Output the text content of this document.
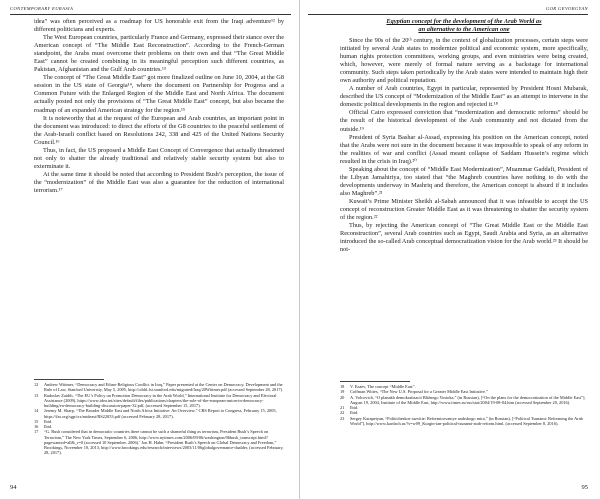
CONTEMPORARY EURASIA

idea” was often perceived as a roadmap for US honorable exit from the Iraqi adventure¹² by different politicians and experts.

The West European countries, particularly France and Germany, expressed their stance over the American concept of “The Middle East Reconstruction”. According to the French-German standpoint, the Arabs must overcome their problems on their own and that “The Great Middle East” cannot be created combining in its meaningful perception such different countries, as Pakistan, Afghanistan and the Gulf Arab countries.¹³

The concept of “The Great Middle East” got more finalized outline on June 10, 2004, at the G8 session in the US state of Georgia¹⁴, where the document on Partnership for Progress and a Common Future with the Enlarged Region of the Middle East and North Africa. The document actually posted not only the provisions of “The Great Middle East” concept, but also became the roadmap of an expanded American strategy for the region.¹⁵

It is noteworthy that at the request of the European and Arab countries, an important point in the document was introduced: to direct the efforts of the G8 countries to the peaceful settlement of the Arab-Israeli conflict based on Resolutions 242, 338 and 425 of the United Nations Security Council.¹⁶

Thus, in fact, the US proposed a Middle East Concept of Convergence that actually threatened not only to shatter the already traditional and relatively stable security system but also to exterminate it.

At the same time it should be noted that according to President Bush’s perception, the issue of the “modernization” of the Middle East was also a guarantee for the reduction of international terrorism.¹⁷

12	Andrew Wittmer, “Democracy and Ethno-Religious Conflict in Iraq,” Paper presented at the Center on Democracy, Development and the Rule of Law, Stanford University, May 5, 2005, http://cddrl.fsi.stanford.edu/migrated/Iraq/20Wittmer.pdf (accessed September 28, 2017).
13	Radoslav Zaidih, “The EU’s Policy on Promotion Democracy in the Arab World,” International Institute for Democracy and Electoral Assistance (2009), https://www.idea.int/sites/default/files/publications/chapters/the-role-of-the-european-union-in-democracy-building/eu-democracy-building-discussion-paper-32.pdf, (accessed September 15, 2017).
14	Jeremy M. Sharp, “The Broader Middle East and North Africa Initiative: An Overview,” CRS Report to Congress, February 15, 2005, https://fas.org/sgp/crs/mideast/RS22053.pdf (accessed February 28, 2017).
15	Ibid.
16	Ibid.
17	“G. Bush considered that in democratic countries there cannot be such a shameful thing as terrorism, President Bush’s Speech on Terrorism,” The New York Times, September 6, 2006, http://www.nytimes.com/2006/09/06/washington/06bush_transcript.html?pagewanted=all&_r=0 (accessed 10 September, 2006).’ Jon H. Hahn, “President Bush’s Speech on Global Democracy and Freedom,” Brookings, November 10, 2013, http://www.brookings.edu/research/interviews/2003/11/06globalgovernance-daalder, (accessed February, 28, 2017).
94
GOR GEVORGYAN
Egyptian concept for the development of the Arab World as
an alternative to the American one

Since the 90s of the 20ᵗʰ century, in the context of globalization processes, certain steps were initiated by several Arab states to modernize political and economic system, more specifically, human rights protection committees, working groups, and even ministries were being created, which, however, were merely of formal nature serving as a backstage for international community. Such steps taken periodically by the Arab states were intended to maintain high their own authority and political reputation.

A number of Arab countries, Egypt in particular, represented by President Hosni Mubarak, described the US concept of “Modernization of the Middle East” as an attempt to intervene in the domestic political developments in the region and rejected it.¹⁸

Official Cairo expressed conviction that “modernization and democratic reforms” should be the result of the historical development of the Arab community and not dictated from the outside.¹⁹

President of Syria Bashar al-Assad, expressing his position on the American concept, noted that the Arabs were not sure in the document because it was impossible to speak of any reform in the realities of war and conflict (Assad meant collapse of Saddam Hussein’s regime which resulted in the crisis in Iraq).²⁰

Speaking about the concept of “Middle East Modernization”, Muammar Gaddafi, President of the Libyan Jamahiriya, too stated that “the Maghreb countries have nothing to do with the developments underway in Mashriq and therefore, the American concept is absurd if it includes also Maghreb”.²¹

Kuwait’s Prime Minister Sheikh al-Sabah announced that it was infeasible to accept the US concept of reconstruction Greater Middle East as it was threatening to shatter the security system of the region.²²

Thus, by rejecting the American concept of “The Great Middle East or the Middle East Reconstruction”, several Arab countries such as Egypt, Saudi Arabia and Syria, as an alternative introduced the so-called Arab conceptual democratization vision for the Arab world.²³ It should be not-

18	V. Ezaev, The concept “Middle East”.
19	Coffman Wittes, “The New U.S. Proposal for a Greater Middle East Initiative.”
20	A. Volcovich, “O planakh demokratizacii Bližnego Vostoka,” (in Russian), [“On the plans for the democratization of the Middle East”], August 19, 2004, Institute of the Middle East, http://www.iimes.ru/rus/stat/2004/19-08-04.htm (accessed September 20, 2016).
21	Ibid.
22	Ibid.
23	Sergey Karapetyan, “Politicheskoe razvitie: Reformirovaniye arabskogo mira,” (in Russian), [“Political Tsunami: Reforming the Arab World”], http://www.kardach.ru/?s=w09_Kurgin-ian-political-tsunami-arab-reform.html, (accessed September 8, 2016).
95
